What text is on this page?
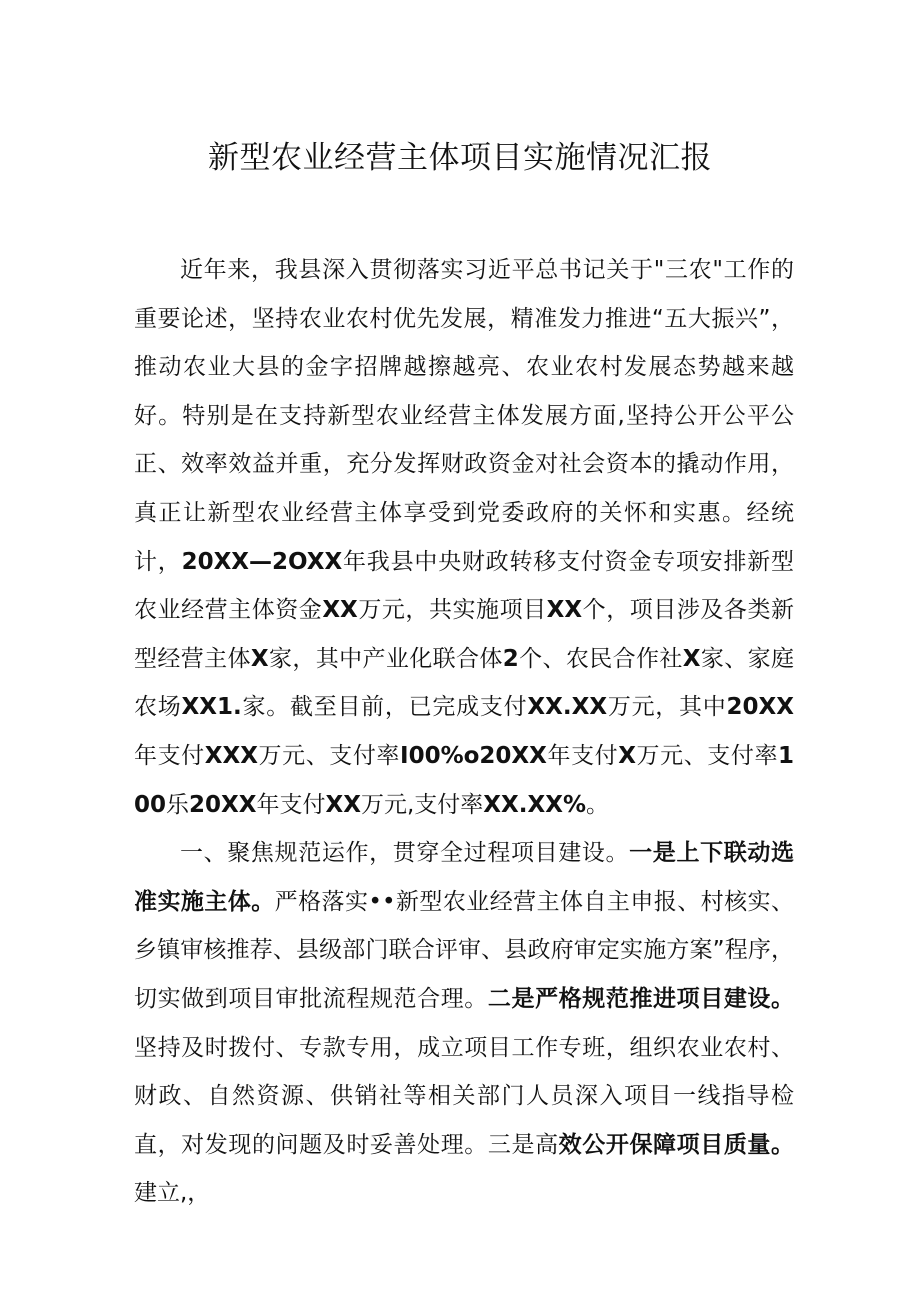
新型农业经营主体项目实施情况汇报

近年来，我县深入贯彻落实习近平总书记关于"三农"工作的重要论述，坚持农业农村优先发展，精准发力推进“五大振兴”，推动农业大县的金字招牌越擦越亮、农业农村发展态势越来越好。特别是在支持新型农业经营主体发展方面,坚持公开公平公正、效率效益并重，充分发挥财政资金对社会资本的撬动作用，真正让新型农业经营主体享受到党委政府的关怀和实惠。经统计，20XX—2OXX年我县中央财政转移支付资金专项安排新型农业经营主体资金XX万元，共实施项目XX个，项目涉及各类新型经营主体X家，其中产业化联合体2个、农民合作社X家、家庭农场XX1.家。截至目前，已完成支付XX.XX万元，其中20XX年支付XXX万元、支付率I00%o20XX年支付X万元、支付率100乐20XX年支付XX万元,支付率XX.XX%。

一、聚焦规范运作，贯穿全过程项目建设。一是上下联动选准实施主体。严格落实••新型农业经营主体自主申报、村核实、乡镇审核推荐、县级部门联合评审、县政府审定实施方案”程序，切实做到项目审批流程规范合理。二是严格规范推进项目建设。坚持及时拨付、专款专用，成立项目工作专班，组织农业农村、财政、自然资源、供销社等相关部门人员深入项目一线指导检直，对发现的问题及时妥善处理。三是高效公开保障项目质量。建立,，
